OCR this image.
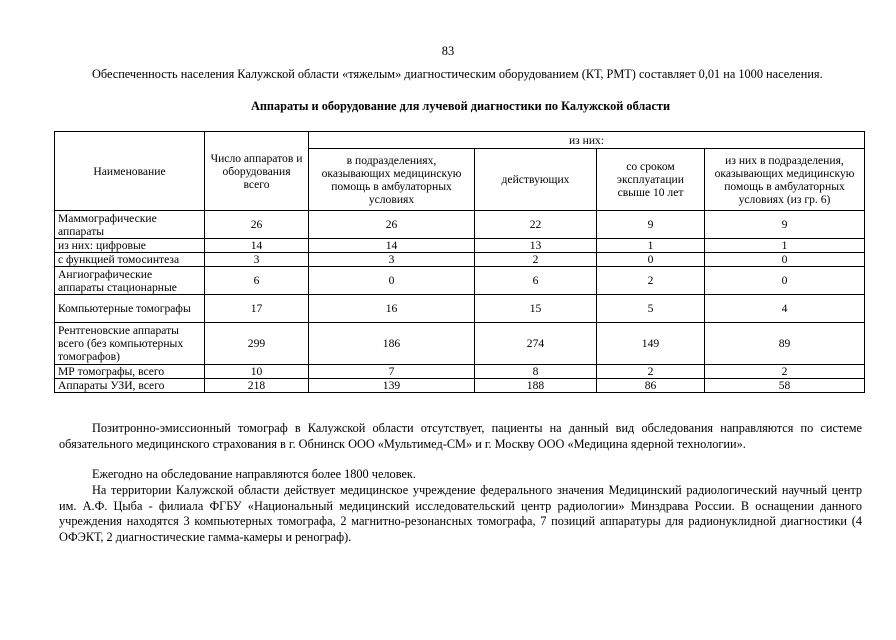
83

Обеспеченность населения Калужской области «тяжелым» диагностическим оборудованием (КТ, РМТ) составляет 0,01 на 1000 населения.

Аппараты и оборудование для лучевой диагностики по Калужской области

Наименование	Число аппаратов и оборудования всего	из них:			
		в подразделениях, оказывающих медицинскую помощь в амбулаторных условиях	действующих	со сроком эксплуатации свыше 10 лет	из них в подразделения, оказывающих медицинскую помощь в амбулаторных условиях (из гр. 6)
Маммографические аппараты	26	26	22	9	9
из них: цифровые	14	14	13	1	1
с функцией томосинтеза	3	3	2	0	0
Ангиографические аппараты стационарные	6	0	6	2	0
Компьютерные томографы	17	16	15	5	4
Рентгеновские аппараты всего (без компьютерных томографов)	299	186	274	149	89
МР томографы, всего	10	7	8	2	2
Аппараты УЗИ, всего	218	139	188	86	58

Позитронно-эмиссионный томограф в Калужской области отсутствует, пациенты на данный вид обследования направляются по системе обязательного медицинского страхования в г. Обнинск ООО «Мультимед-СМ» и г. Москву ООО «Медицина ядерной технологии».

Ежегодно на обследование направляются более 1800 человек.

На территории Калужской области действует медицинское учреждение федерального значения Медицинский радиологический научный центр им. А.Ф. Цыба - филиала ФГБУ «Национальный медицинский исследовательский центр радиологии» Минздрава России. В оснащении данного учреждения находятся 3 компьютерных томографа, 2 магнитно-резонансных томографа, 7 позиций аппаратуры для радионуклидной диагностики (4 ОФЭКТ, 2 диагностические гамма-камеры и ренограф).
